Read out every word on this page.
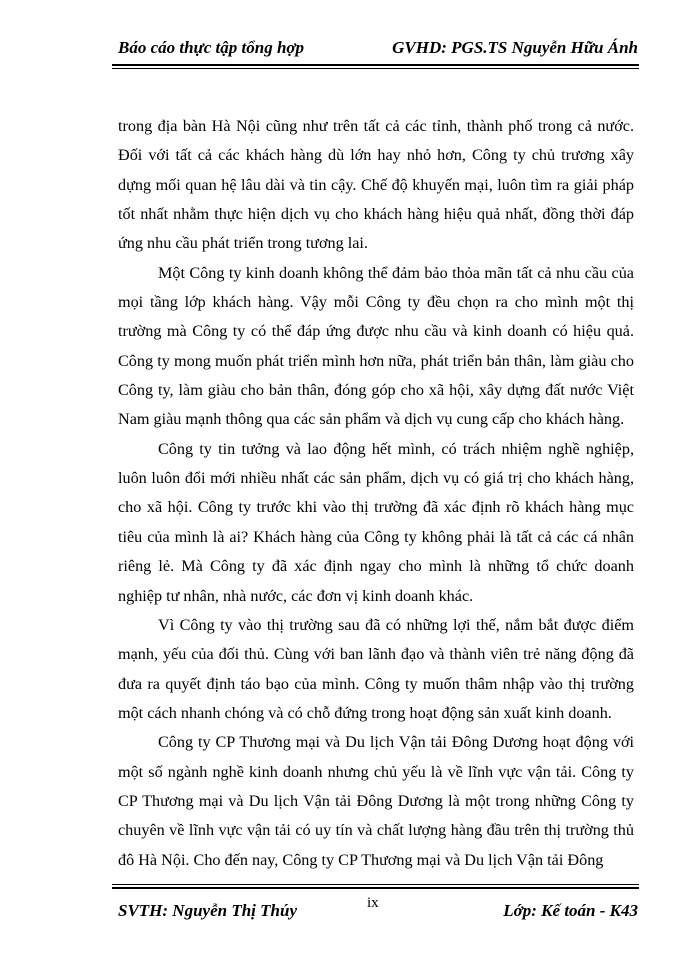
Báo cáo thực tập tổng hợp	GVHD: PGS.TS Nguyễn Hữu Ánh

trong địa bàn Hà Nội cũng như trên tất cả các tỉnh, thành phố trong cả nước. Đối với tất cả các khách hàng dù lớn hay nhỏ hơn, Công ty chủ trương xây dựng mối quan hệ lâu dài và tin cậy. Chế độ khuyến mại, luôn tìm ra giải pháp tốt nhất nhằm thực hiện dịch vụ cho khách hàng hiệu quả nhất, đồng thời đáp ứng nhu cầu phát triển trong tương lai.

Một Công ty kinh doanh không thể đảm bảo thỏa mãn tất cả nhu cầu của mọi tầng lớp khách hàng. Vậy mỗi Công ty đều chọn ra cho mình một thị trường mà Công ty có thể đáp ứng được nhu cầu và kinh doanh có hiệu quả. Công ty mong muốn phát triển mình hơn nữa, phát triển bản thân, làm giàu cho Công ty, làm giàu cho bản thân, đóng góp cho xã hội, xây dựng đất nước Việt Nam giàu mạnh thông qua các sản phẩm và dịch vụ cung cấp cho khách hàng.

Công ty tin tưởng và lao động hết mình, có trách nhiệm nghề nghiệp, luôn luôn đổi mới nhiều nhất các sản phẩm, dịch vụ có giá trị cho khách hàng, cho xã hội. Công ty trước khi vào thị trường đã xác định rõ khách hàng mục tiêu của mình là ai? Khách hàng của Công ty không phải là tất cả các cá nhân riêng lẻ. Mà Công ty đã xác định ngay cho mình là những tổ chức doanh nghiệp tư nhân, nhà nước, các đơn vị kinh doanh khác.

Vì Công ty vào thị trường sau đã có những lợi thế, nắm bắt được điểm mạnh, yếu của đối thủ. Cùng với ban lãnh đạo và thành viên trẻ năng động đã đưa ra quyết định táo bạo của mình. Công ty muốn thâm nhập vào thị trường một cách nhanh chóng và có chỗ đứng trong hoạt động sản xuất kinh doanh.

Công ty CP Thương mại và Du lịch Vận tải Đông Dương hoạt động với một số ngành nghề kinh doanh nhưng chủ yếu là về lĩnh vực vận tải. Công ty CP Thương mại và Du lịch Vận tải Đông Dương là một trong những Công ty chuyên về lĩnh vực vận tải có uy tín và chất lượng hàng đầu trên thị trường thủ đô Hà Nội. Cho đến nay, Công ty CP Thương mại và Du lịch Vận tải Đông

SVTH: Nguyễn Thị Thúy	ix	Lớp: Kế toán - K43
